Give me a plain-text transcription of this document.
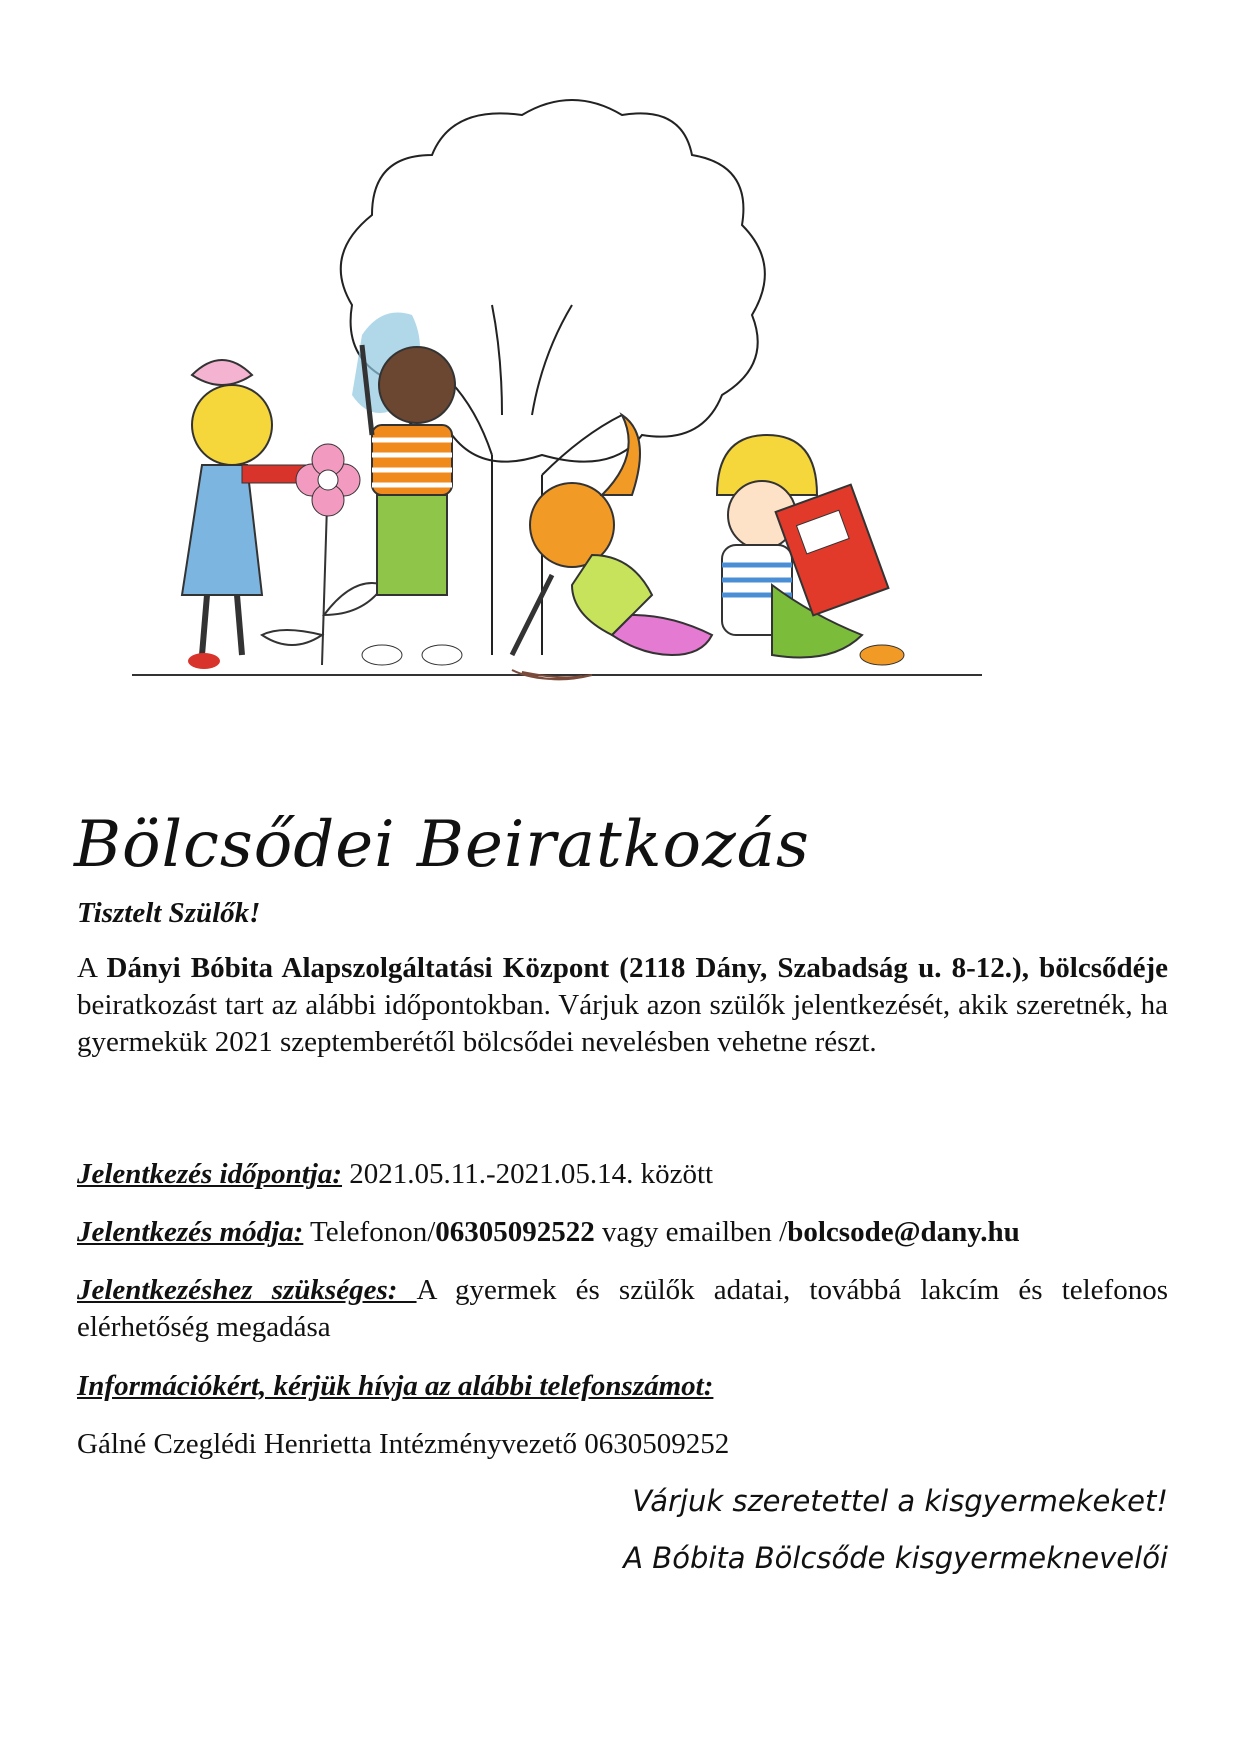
Bölcsődei Beiratkozás
Tisztelt Szülők!
A Dányi Bóbita Alapszolgáltatási Központ (2118 Dány, Szabadság u. 8-12.), bölcsődéje beiratkozást tart az alábbi időpontokban. Várjuk azon szülők jelentkezését, akik szeretnék, ha gyermekük 2021 szeptemberétől bölcsődei nevelésben vehetne részt.
Jelentkezés időpontja: 2021.05.11.-2021.05.14. között
Jelentkezés módja: Telefonon/06305092522 vagy emailben /bolcsode@dany.hu
Jelentkezéshez szükséges: A gyermek és szülők adatai, továbbá lakcím és telefonos elérhetőség megadása
Információkért, kérjük hívja az alábbi telefonszámot:
Gálné Czeglédi Henrietta Intézményvezető 0630509252
Várjuk szeretettel a kisgyermekeket!
A Bóbita Bölcsőde kisgyermeknevelői
